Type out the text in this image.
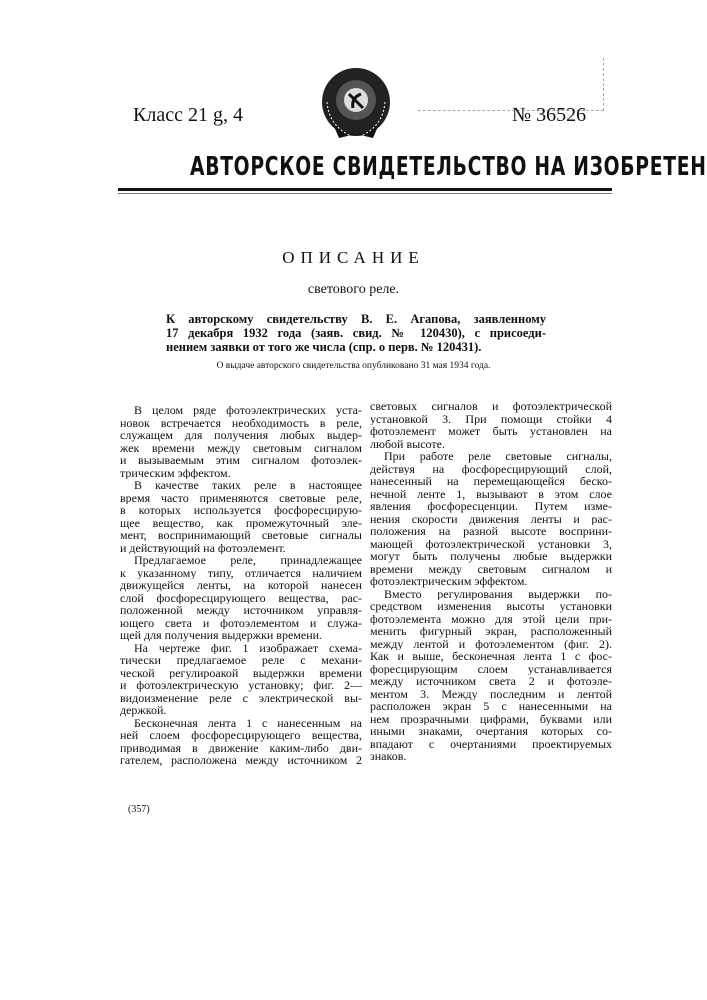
Класс 21 g, 4	№ 36526
АВТОРСКОЕ СВИДЕТЕЛЬСТВО НА ИЗОБРЕТЕНИЕ
ОПИСАНИЕ
светового реле.
К авторскому свидетельству В. Е. Агапова, заявленному
17 декабря 1932 года (заяв. свид. № 120430), с присоеди-
нением заявки от того же числа (спр. о перв. № 120431).
О выдаче авторского свидетельства опубликовано 31 мая 1934 года.
В целом ряде фотоэлектрических уста-
новок встречается необходимость в реле,
служащем для получения любых выдер-
жек времени между световым сигналом
и вызываемым этим сигналом фотоэлек-
трическим эффектом.
В качестве таких реле в настоящее
время часто применяются световые реле,
в которых используется фосфоресцирую-
щее вещество, как промежуточный эле-
мент, воспринимающий световые сигналы
и действующий на фотоэлемент.
Предлагаемое реле, принадлежащее
к указанному типу, отличается наличием
движущейся ленты, на которой нанесен
слой фосфоресцирующего вещества, рас-
положенной между источником управля-
ющего света и фотоэлементом и служа-
щей для получения выдержки времени.
На чертеже фиг. 1 изображает схема-
тически предлагаемое реле с механи-
ческой регулироакой выдержки времени
и фотоэлектрическую установку; фиг. 2—
видоизменение реле с электрической вы-
держкой.
Бесконечная лента 1 с нанесенным на
ней слоем фосфоресцирующего вещества,
приводимая в движение каким-либо дви-
гателем, расположена между источником 2
световых сигналов и фотоэлектрической
установкой 3. При помощи стойки 4
фотоэлемент может быть установлен на
любой высоте.
При работе реле световые сигналы,
действуя на фосфоресцирующий слой,
нанесенный на перемещающейся беско-
нечной ленте 1, вызывают в этом слое
явления фосфоресценции. Путем изме-
нения скорости движения ленты и рас-
положения на разной высоте восприни-
мающей фотоэлектрической установки 3,
могут быть получены любые выдержки
времени между световым сигналом и
фотоэлектрическим эффектом.
Вместо регулирования выдержки по-
средством изменения высоты установки
фотоэлемента можно для этой цели при-
менить фигурный экран, расположенный
между лентой и фотоэлементом (фиг. 2).
Как и выше, бесконечная лента 1 с фос-
форесцирующим слоем устанавливается
между источником света 2 и фотоэле-
ментом 3. Между последним и лентой
расположен экран 5 с нанесенными на
нем прозрачными цифрами, буквами или
иными знаками, очертания которых со-
впадают с очертаниями проектируемых
знаков.
(357)
